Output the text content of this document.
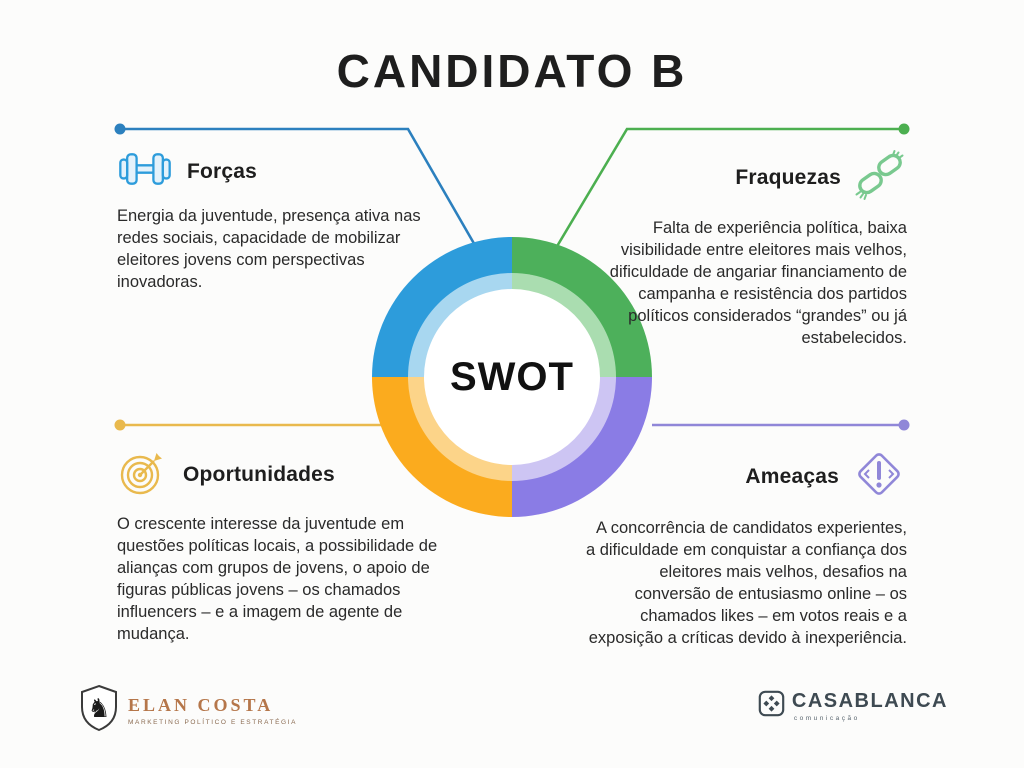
CANDIDATO B
SWOT
Forças
Energia da juventude, presença ativa nas redes sociais, capacidade de mobilizar eleitores jovens com perspectivas inovadoras.
Fraquezas
Falta de experiência política, baixa visibilidade entre eleitores mais velhos, dificuldade de angariar financiamento de campanha e resistência dos partidos políticos considerados “grandes” ou já estabelecidos.
Oportunidades
O crescente interesse da juventude em questões políticas locais, a possibilidade de alianças com grupos de jovens, o apoio de figuras públicas jovens – os chamados influencers – e a imagem de agente de mudança.
Ameaças
A concorrência de candidatos experientes, a dificuldade em conquistar a confiança dos eleitores mais velhos, desafios na conversão de entusiasmo online – os chamados likes – em votos reais e a exposição a críticas devido à inexperiência.
♞ ELAN COSTA
MARKETING POLÍTICO E ESTRATÉGIA
CASABLANCA
comunicação
